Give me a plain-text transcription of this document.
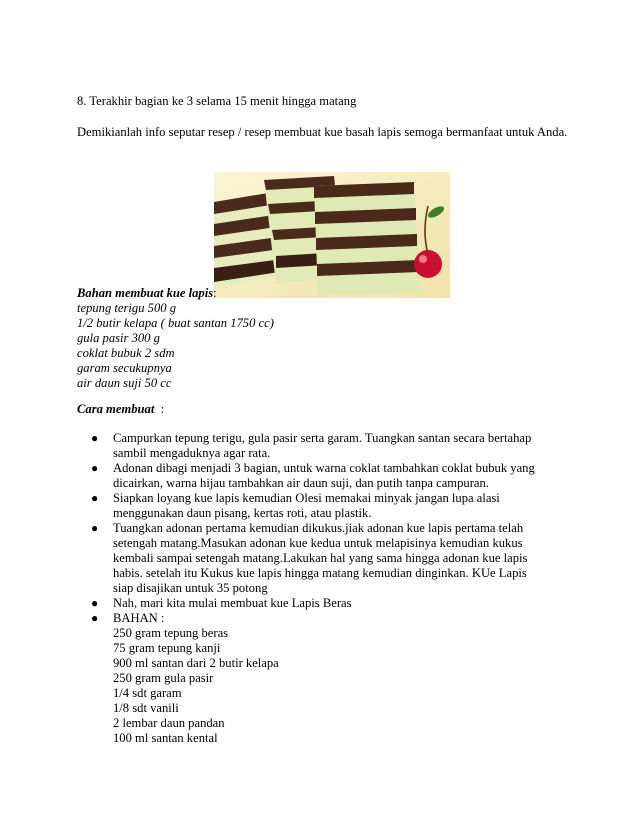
8. Terakhir bagian ke 3 selama 15 menit hingga matang

Demikianlah info seputar resep / resep membuat kue basah lapis semoga bermanfaat untuk Anda.

Bahan membuat kue lapis:
tepung terigu 500 g
1/2 butir kelapa ( buat santan 1750 cc)
gula pasir 300 g
coklat bubuk 2 sdm
garam secukupnya
air daun suji 50 cc

Cara membuat  :

● Campurkan tepung terigu, gula pasir serta garam. Tuangkan santan secara bertahap sambil mengaduknya agar rata.
● Adonan dibagi menjadi 3 bagian, untuk warna coklat tambahkan coklat bubuk yang dicairkan, warna hijau tambahkan air daun suji, dan putih tanpa campuran.
● Siapkan loyang kue lapis kemudian Olesi memakai minyak jangan lupa alasi menggunakan daun pisang, kertas roti, atau plastik.
● Tuangkan adonan pertama kemudian dikukus.jiak adonan kue lapis pertama telah setengah matang.Masukan adonan kue kedua untuk melapisinya kemudian kukus kembali sampai setengah matang.Lakukan hal yang sama hingga adonan kue lapis habis. setelah itu Kukus kue lapis hingga matang kemudian dinginkan. KUe Lapis siap disajikan untuk 35 potong
● Nah, mari kita mulai membuat kue Lapis Beras
● BAHAN :
250 gram tepung beras
75 gram tepung kanji
900 ml santan dari 2 butir kelapa
250 gram gula pasir
1/4 sdt garam
1/8 sdt vanili
2 lembar daun pandan
100 ml santan kental
